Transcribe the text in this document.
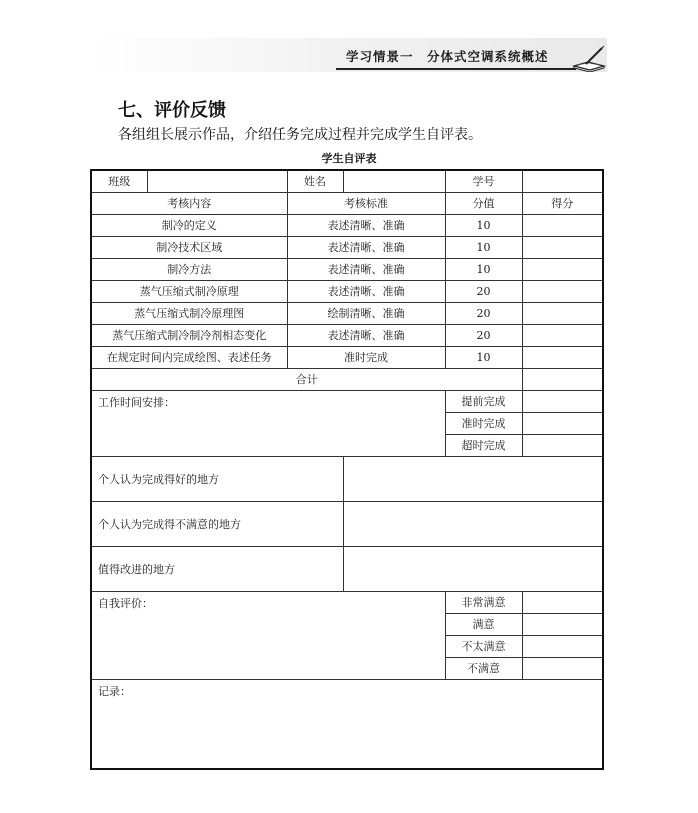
学习情景一　分体式空调系统概述
七、评价反馈
各组组长展示作品，介绍任务完成过程并完成学生自评表。
学生自评表
班级		姓名		学号	
考核内容		考核标准		分值	得分
制冷的定义		表述清晰、准确		10	
制冷技术区域		表述清晰、准确		10	
制冷方法		表述清晰、准确		10	
蒸气压缩式制冷原理		表述清晰、准确		20	
蒸气压缩式制冷原理图		绘制清晰、准确		20	
蒸气压缩式制冷制冷剂相态变化		表述清晰、准确		20	
在规定时间内完成绘图、表述任务		准时完成		10	
合计					
工作时间安排：				提前完成	
				准时完成	
				超时完成	
个人认为完成得好的地方					
个人认为完成得不满意的地方					
值得改进的地方					
自我评价：				非常满意	
				满意	
				不太满意	
				不满意	
记录：					
